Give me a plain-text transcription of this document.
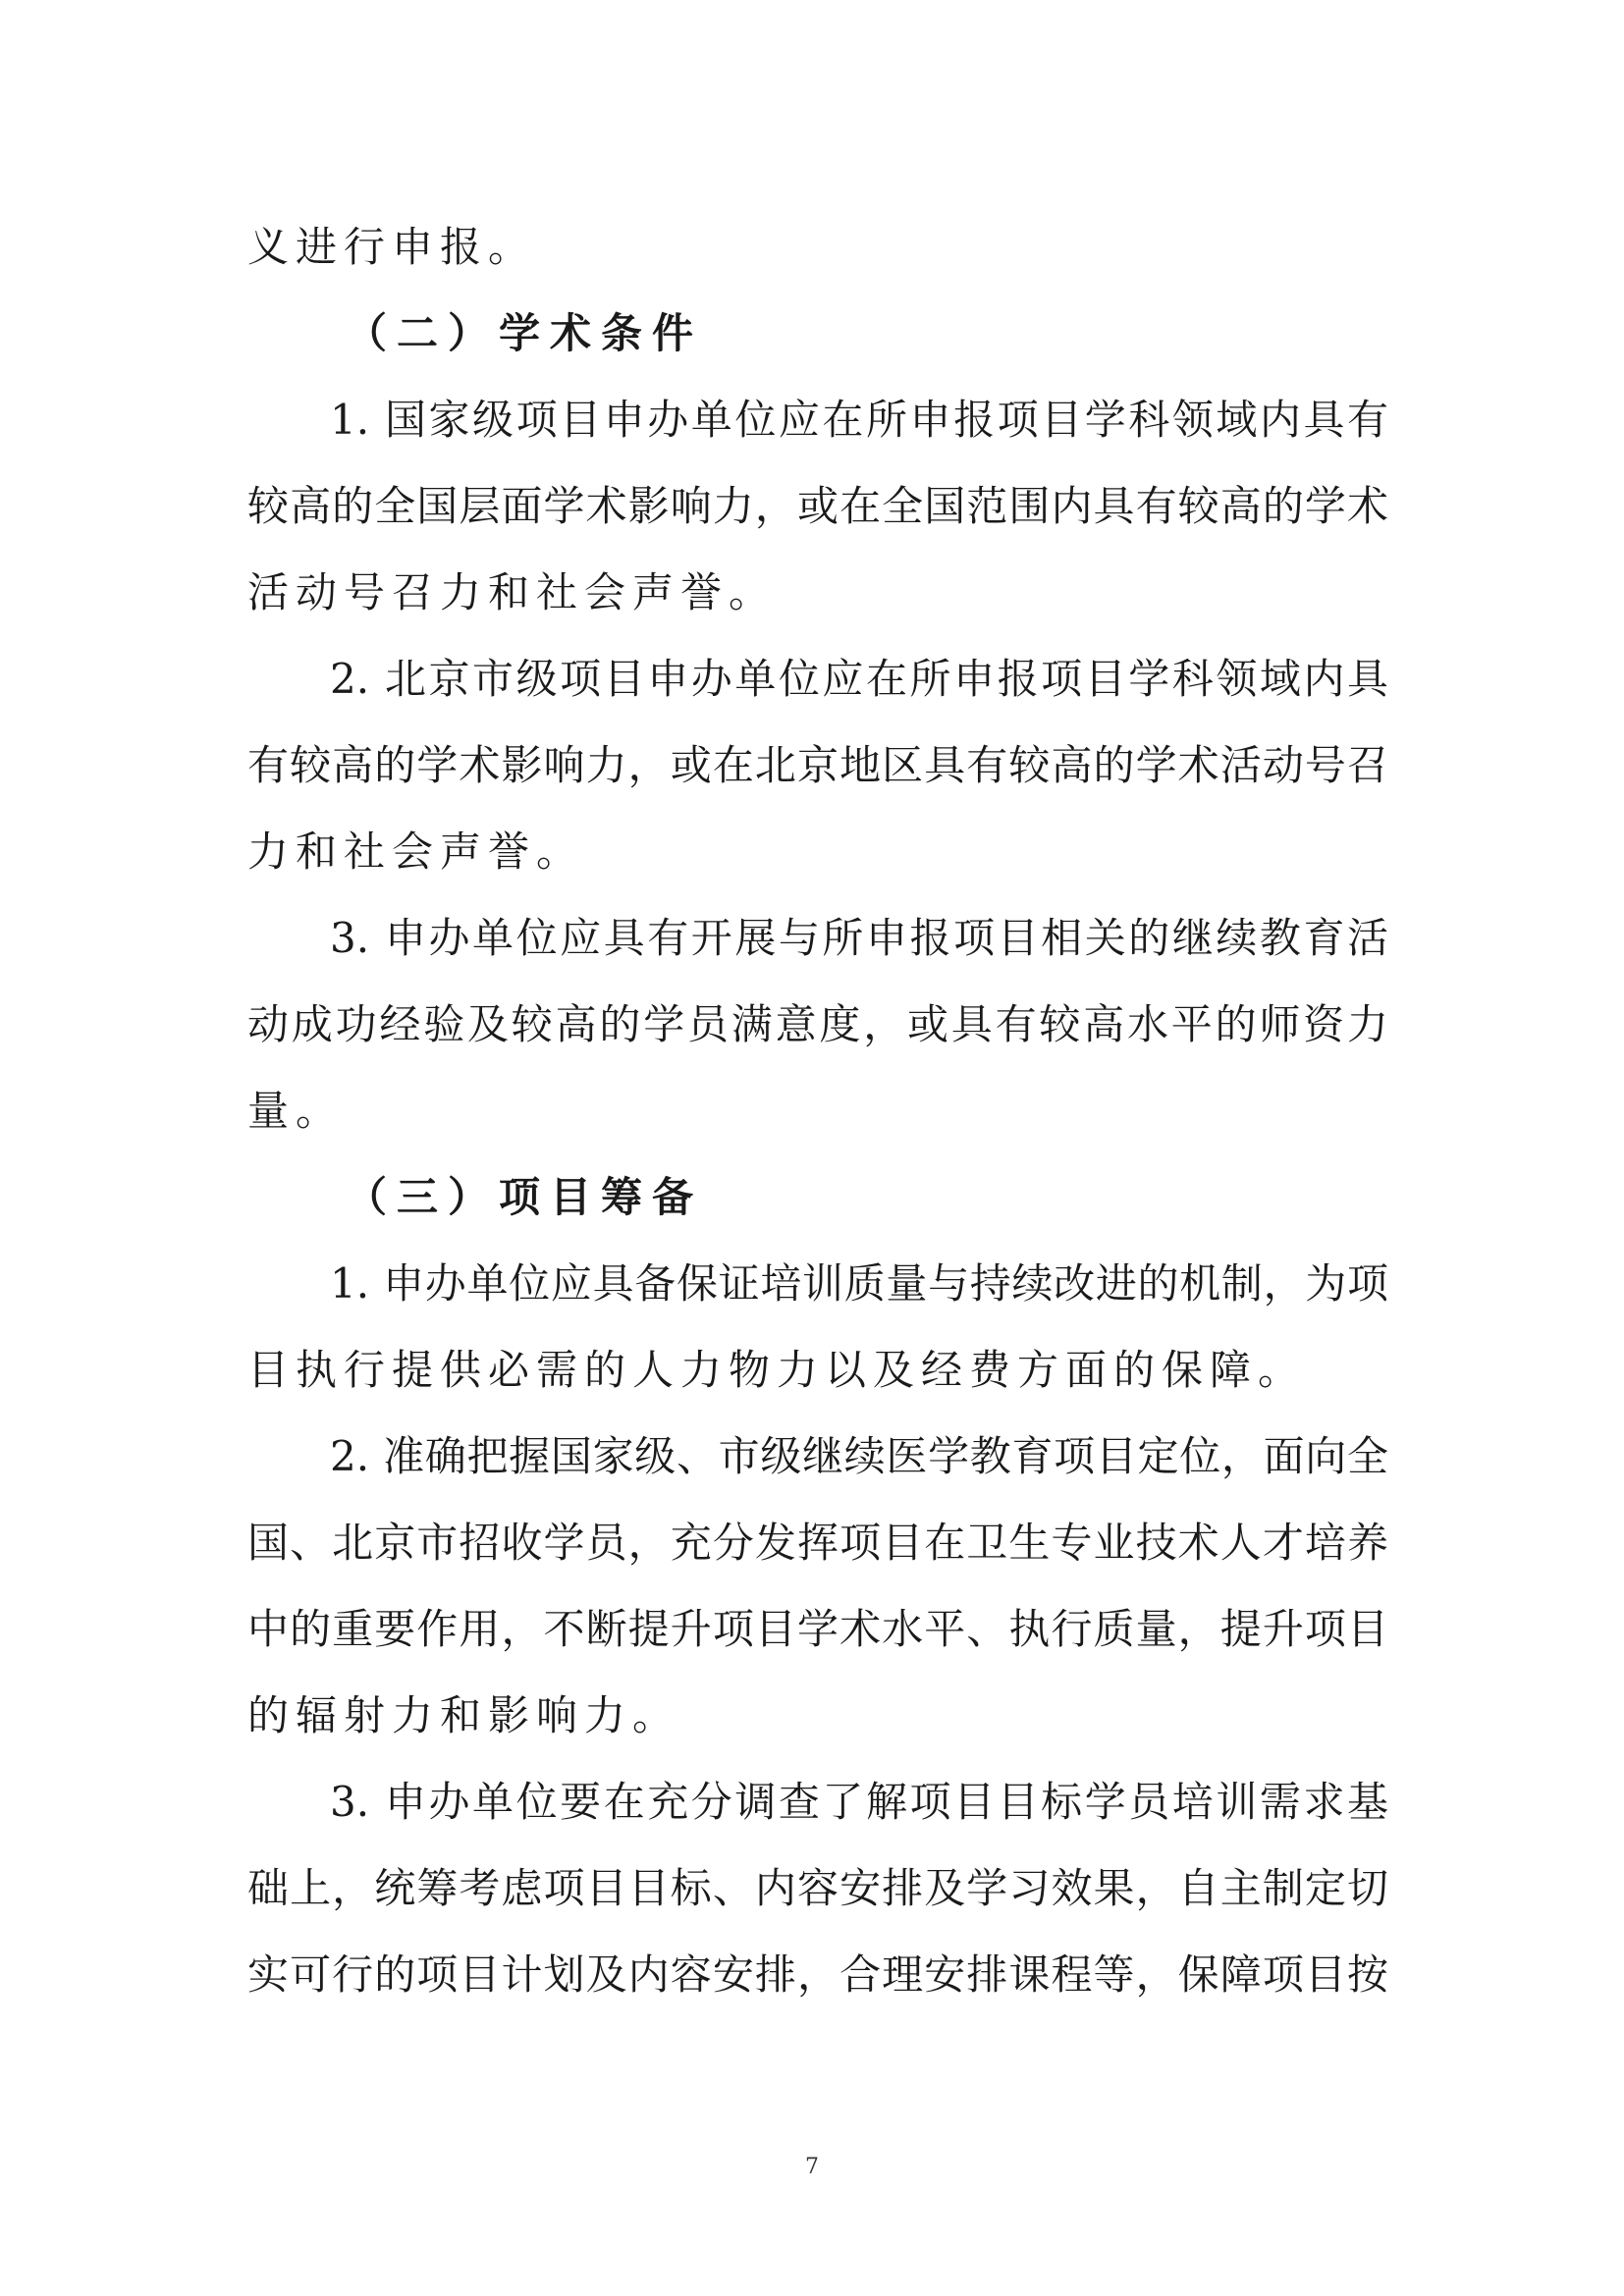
义进行申报。
（二）学术条件
1. 国家级项目申办单位应在所申报项目学科领域内具有
较高的全国层面学术影响力，或在全国范围内具有较高的学术
活动号召力和社会声誉。
2. 北京市级项目申办单位应在所申报项目学科领域内具
有较高的学术影响力，或在北京地区具有较高的学术活动号召
力和社会声誉。
3. 申办单位应具有开展与所申报项目相关的继续教育活
动成功经验及较高的学员满意度，或具有较高水平的师资力
量。
（三）项目筹备
1. 申办单位应具备保证培训质量与持续改进的机制，为项
目执行提供必需的人力物力以及经费方面的保障。
2. 准确把握国家级、市级继续医学教育项目定位，面向全
国、北京市招收学员，充分发挥项目在卫生专业技术人才培养
中的重要作用，不断提升项目学术水平、执行质量，提升项目
的辐射力和影响力。
3. 申办单位要在充分调查了解项目目标学员培训需求基
础上，统筹考虑项目目标、内容安排及学习效果，自主制定切
实可行的项目计划及内容安排，合理安排课程等，保障项目按
7
